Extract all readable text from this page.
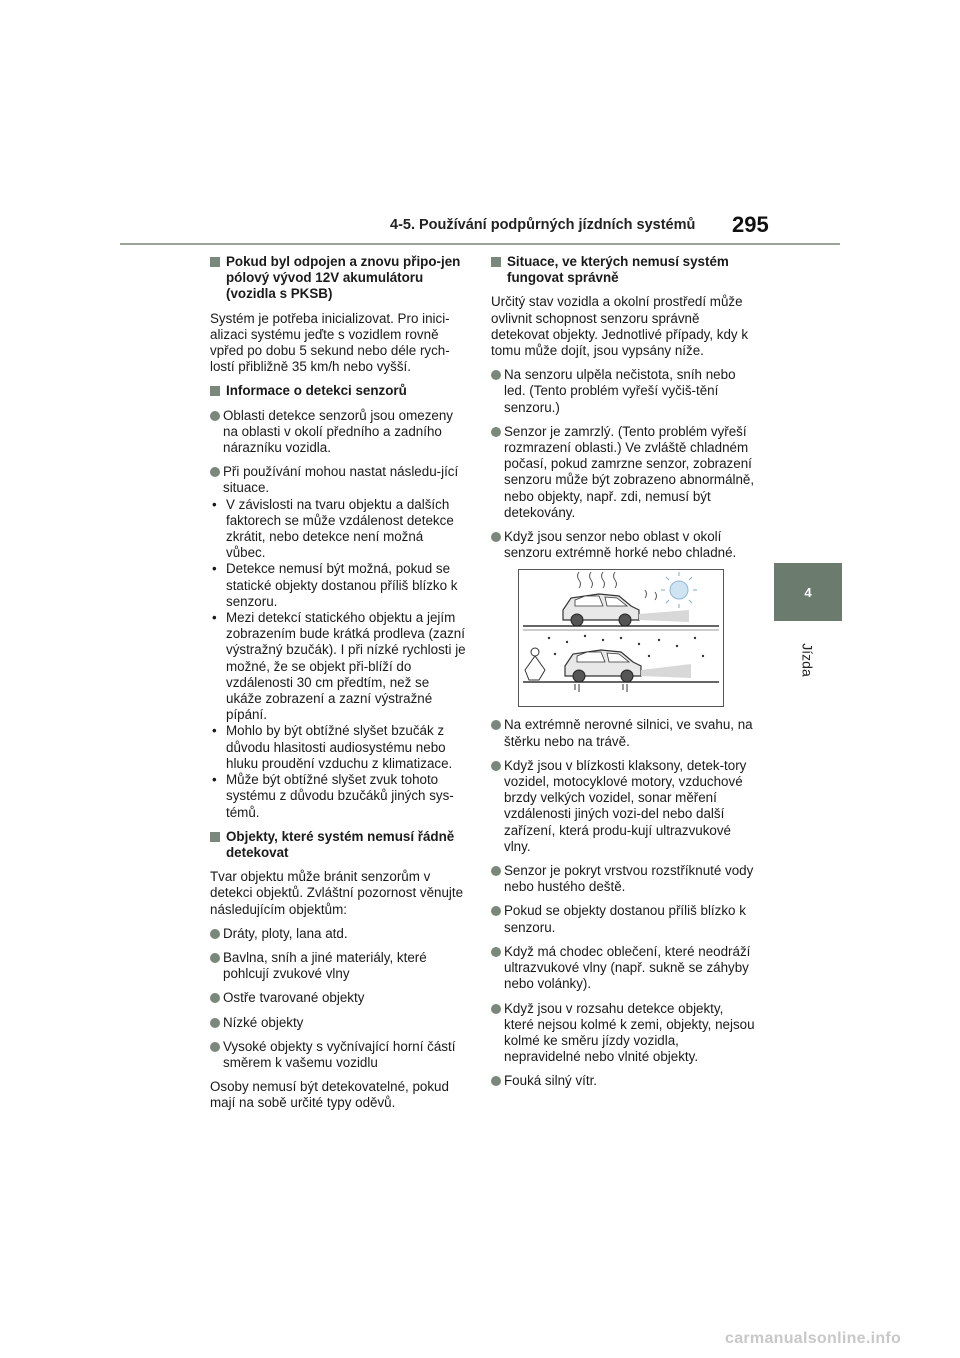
4-5. Používání podpůrných jízdních systémů 295
4
Jízda
Pokud byl odpojen a znovu připo-jen pólový vývod 12V akumulátoru (vozidla s PKSB)
Systém je potřeba inicializovat. Pro inici-alizaci systému jeďte s vozidlem rovně vpřed po dobu 5 sekund nebo déle rych-lostí přibližně 35 km/h nebo vyšší.
Informace o detekci senzorů
Oblasti detekce senzorů jsou omezeny na oblasti v okolí předního a zadního nárazníku vozidla.
Při používání mohou nastat následu-jící situace.
• V závislosti na tvaru objektu a dalších faktorech se může vzdálenost detekce zkrátit, nebo detekce není možná vůbec.
• Detekce nemusí být možná, pokud se statické objekty dostanou příliš blízko k senzoru.
• Mezi detekcí statického objektu a jejím zobrazením bude krátká prodleva (zazní výstražný bzučák). I při nízké rychlosti je možné, že se objekt při-blíží do vzdálenosti 30 cm předtím, než se ukáže zobrazení a zazní výstražné pípání.
• Mohlo by být obtížné slyšet bzučák z důvodu hlasitosti audiosystému nebo hluku proudění vzduchu z klimatizace.
• Může být obtížné slyšet zvuk tohoto systému z důvodu bzučáků jiných sys-témů.
Objekty, které systém nemusí řádně detekovat
Tvar objektu může bránit senzorům v detekci objektů. Zvláštní pozornost věnujte následujícím objektům:
Dráty, ploty, lana atd.
Bavlna, sníh a jiné materiály, které pohlcují zvukové vlny
Ostře tvarované objekty
Nízké objekty
Vysoké objekty s vyčnívající horní částí směrem k vašemu vozidlu
Osoby nemusí být detekovatelné, pokud mají na sobě určité typy oděvů.
Situace, ve kterých nemusí systém fungovat správně
Určitý stav vozidla a okolní prostředí může ovlivnit schopnost senzoru správně detekovat objekty. Jednotlivé případy, kdy k tomu může dojít, jsou vypsány níže.
Na senzoru ulpěla nečistota, sníh nebo led. (Tento problém vyřeší vyčiš-tění senzoru.)
Senzor je zamrzlý. (Tento problém vyřeší rozmrazení oblasti.) Ve zvláště chladném počasí, pokud zamrzne senzor, zobrazení senzoru může být zobrazeno abnormálně, nebo objekty, např. zdi, nemusí být detekovány.
Když jsou senzor nebo oblast v okolí senzoru extrémně horké nebo chladné.
Na extrémně nerovné silnici, ve svahu, na štěrku nebo na trávě.
Když jsou v blízkosti klaksony, detek-tory vozidel, motocyklové motory, vzduchové brzdy velkých vozidel, sonar měření vzdálenosti jiných vozi-del nebo další zařízení, která produ-kují ultrazvukové vlny.
Senzor je pokryt vrstvou rozstříknuté vody nebo hustého deště.
Pokud se objekty dostanou příliš blízko k senzoru.
Když má chodec oblečení, které neodráží ultrazvukové vlny (např. sukně se záhyby nebo volánky).
Když jsou v rozsahu detekce objekty, které nejsou kolmé k zemi, objekty, nejsou kolmé ke směru jízdy vozidla, nepravidelné nebo vlnité objekty.
Fouká silný vítr.
carmanualsonline.info
